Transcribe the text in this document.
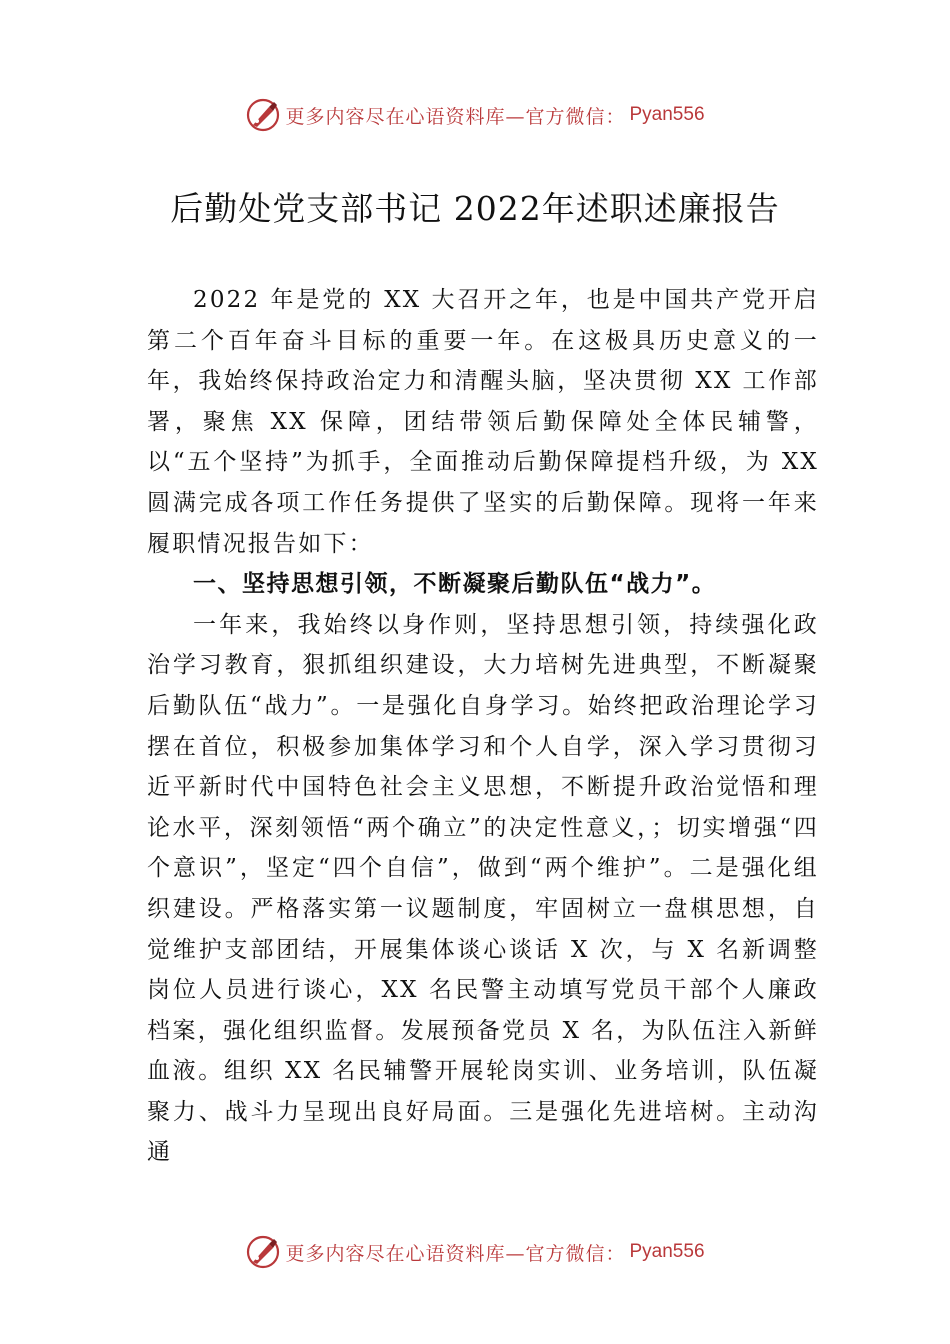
更多内容尽在心语资料库—官方微信： Pyan556
后勤处党支部书记 2022年述职述廉报告

2022 年是党的 XX 大召开之年，也是中国共产党开启第二个百年奋斗目标的重要一年。在这极具历史意义的一年，我始终保持政治定力和清醒头脑，坚决贯彻 XX 工作部署，聚焦 XX 保障，团结带领后勤保障处全体民辅警，以“五个坚持”为抓手，全面推动后勤保障提档升级，为 XX 圆满完成各项工作任务提供了坚实的后勤保障。现将一年来履职情况报告如下：

一、坚持思想引领，不断凝聚后勤队伍“战力”。

一年来，我始终以身作则，坚持思想引领，持续强化政治学习教育，狠抓组织建设，大力培树先进典型，不断凝聚后勤队伍“战力”。一是强化自身学习。始终把政治理论学习摆在首位，积极参加集体学习和个人自学，深入学习贯彻习近平新时代中国特色社会主义思想，不断提升政治觉悟和理论水平，深刻领悟“两个确立”的决定性意义，；切实增强“四个意识”，坚定“四个自信”，做到“两个维护”。二是强化组织建设。严格落实第一议题制度，牢固树立一盘棋思想，自觉维护支部团结，开展集体谈心谈话 X 次，与 X 名新调整岗位人员进行谈心，XX 名民警主动填写党员干部个人廉政档案，强化组织监督。发展预备党员 X 名，为队伍注入新鲜血液。组织 XX 名民辅警开展轮岗实训、业务培训，队伍凝聚力、战斗力呈现出良好局面。三是强化先进培树。主动沟通

更多内容尽在心语资料库—官方微信： Pyan556
